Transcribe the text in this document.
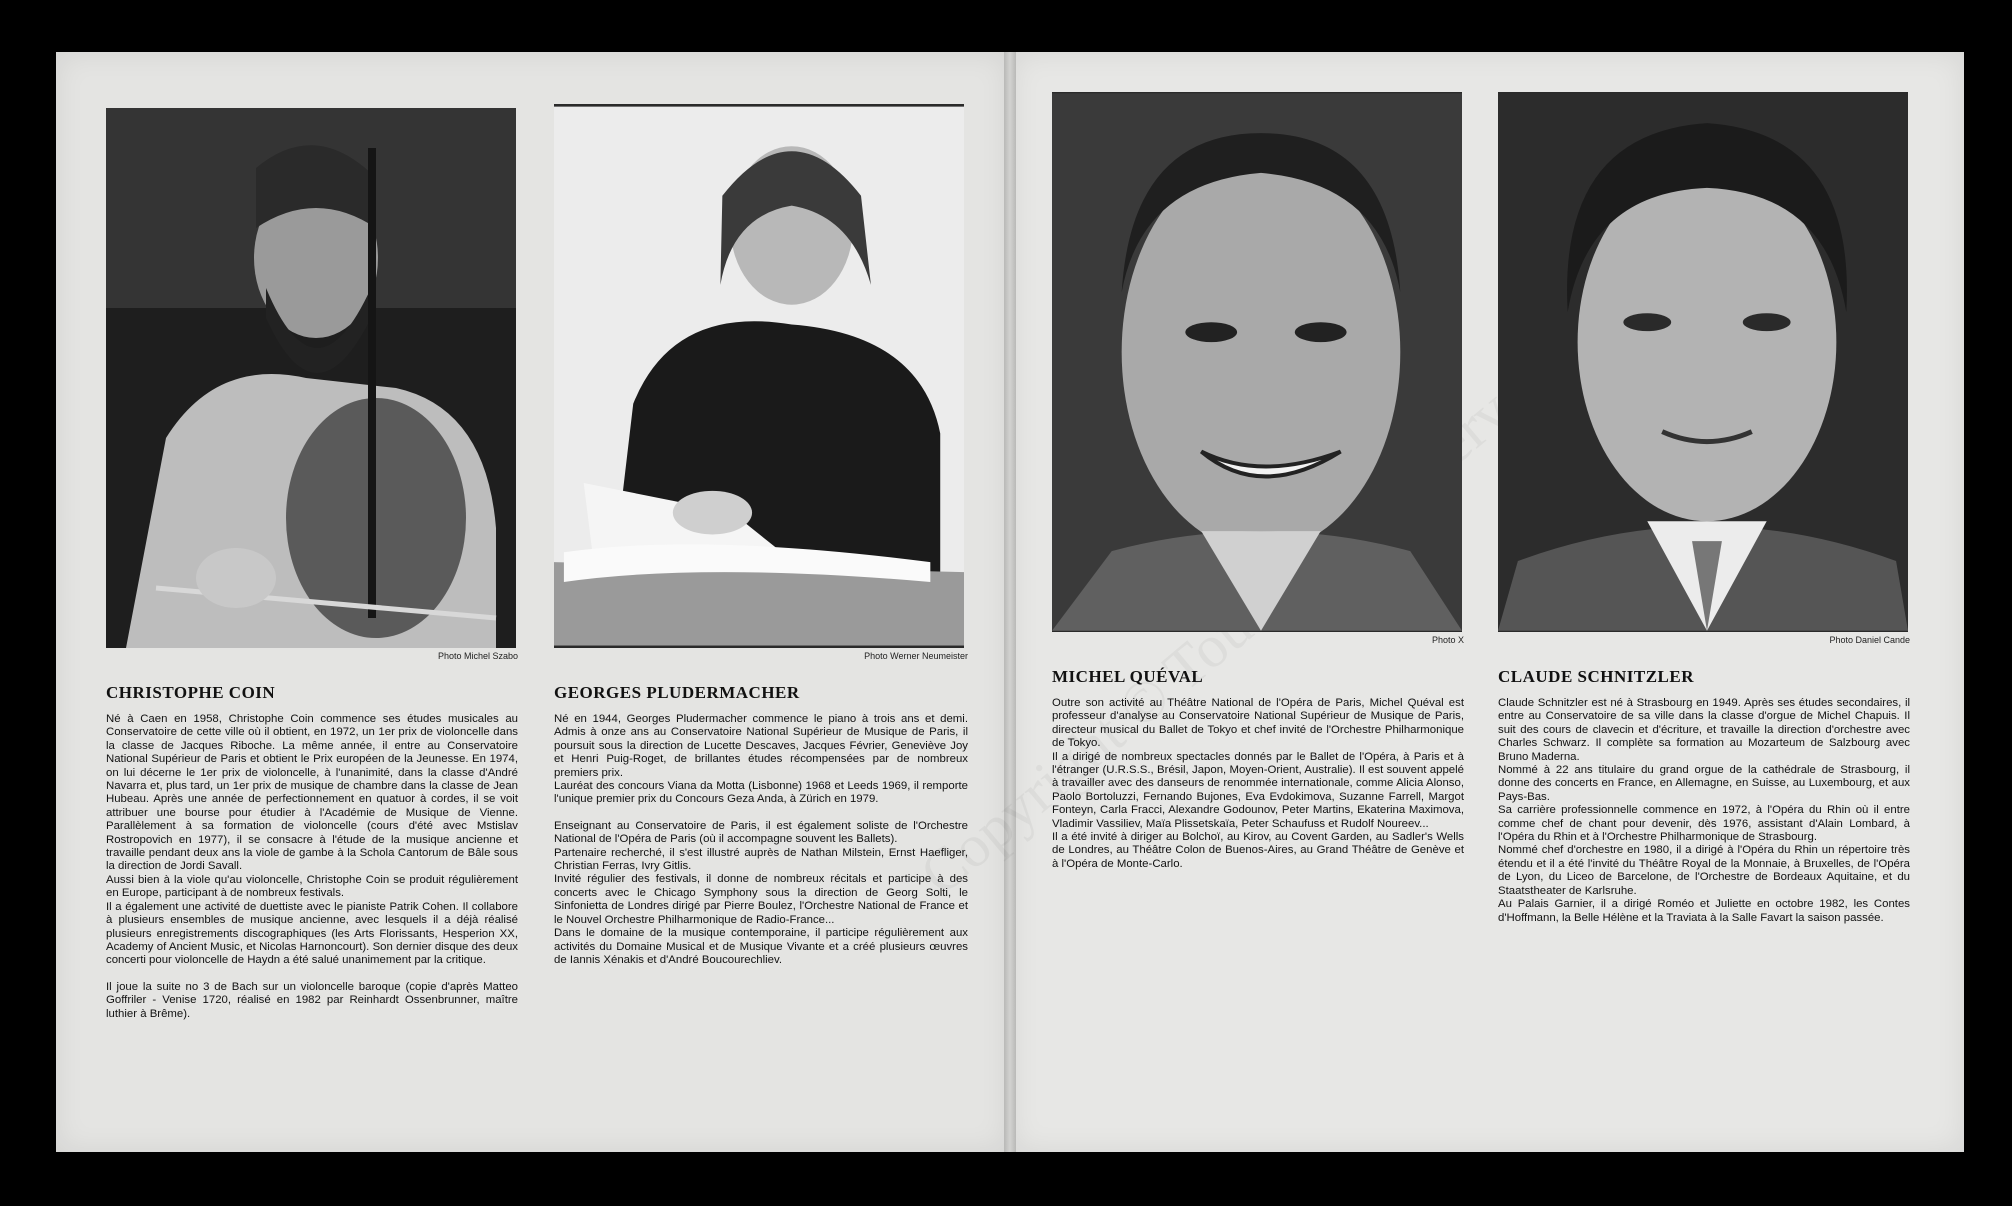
Photo Michel Szabo
CHRISTOPHE COIN

Né à Caen en 1958, Christophe Coin commence ses études musicales au Conservatoire de cette ville où il obtient, en 1972, un 1er prix de violoncelle dans la classe de Jacques Riboche. La même année, il entre au Conservatoire National Supérieur de Paris et obtient le Prix européen de la Jeunesse. En 1974, on lui décerne le 1er prix de violoncelle, à l'unanimité, dans la classe d'André Navarra et, plus tard, un 1er prix de musique de chambre dans la classe de Jean Hubeau. Après une année de perfectionnement en quatuor à cordes, il se voit attribuer une bourse pour étudier à l'Académie de Musique de Vienne. Parallèlement à sa formation de violoncelle (cours d'été avec Mstislav Rostropovich en 1977), il se consacre à l'étude de la musique ancienne et travaille pendant deux ans la viole de gambe à la Schola Cantorum de Bâle sous la direction de Jordi Savall.

Aussi bien à la viole qu'au violoncelle, Christophe Coin se produit régulièrement en Europe, participant à de nombreux festivals.

Il a également une activité de duettiste avec le pianiste Patrik Cohen. Il collabore à plusieurs ensembles de musique ancienne, avec lesquels il a déjà réalisé plusieurs enregistrements discographiques (les Arts Florissants, Hesperion XX, Academy of Ancient Music, et Nicolas Harnoncourt). Son dernier disque des deux concerti pour violoncelle de Haydn a été salué unanimement par la critique.

Il joue la suite no 3 de Bach sur un violoncelle baroque (copie d'après Matteo Goffriler - Venise 1720, réalisé en 1982 par Reinhardt Ossenbrunner, maître luthier à Brême).

Photo Werner Neumeister
GEORGES PLUDERMACHER

Né en 1944, Georges Pludermacher commence le piano à trois ans et demi. Admis à onze ans au Conservatoire National Supérieur de Musique de Paris, il poursuit sous la direction de Lucette Descaves, Jacques Février, Geneviève Joy et Henri Puig-Roget, de brillantes études récompensées par de nombreux premiers prix.

Lauréat des concours Viana da Motta (Lisbonne) 1968 et Leeds 1969, il remporte l'unique premier prix du Concours Geza Anda, à Zürich en 1979.

Enseignant au Conservatoire de Paris, il est également soliste de l'Orchestre National de l'Opéra de Paris (où il accompagne souvent les Ballets).

Partenaire recherché, il s'est illustré auprès de Nathan Milstein, Ernst Haefliger, Christian Ferras, Ivry Gitlis.

Invité régulier des festivals, il donne de nombreux récitals et participe à des concerts avec le Chicago Symphony sous la direction de Georg Solti, le Sinfonietta de Londres dirigé par Pierre Boulez, l'Orchestre National de France et le Nouvel Orchestre Philharmonique de Radio-France...

Dans le domaine de la musique contemporaine, il participe régulièrement aux activités du Domaine Musical et de Musique Vivante et a créé plusieurs œuvres de Iannis Xénakis et d'André Boucourechliev.

Photo X
MICHEL QUÉVAL

Outre son activité au Théâtre National de l'Opéra de Paris, Michel Quéval est professeur d'analyse au Conservatoire National Supérieur de Musique de Paris, directeur musical du Ballet de Tokyo et chef invité de l'Orchestre Philharmonique de Tokyo.

Il a dirigé de nombreux spectacles donnés par le Ballet de l'Opéra, à Paris et à l'étranger (U.R.S.S., Brésil, Japon, Moyen-Orient, Australie). Il est souvent appelé à travailler avec des danseurs de renommée internationale, comme Alicia Alonso, Paolo Bortoluzzi, Fernando Bujones, Eva Evdokimova, Suzanne Farrell, Margot Fonteyn, Carla Fracci, Alexandre Godounov, Peter Martins, Ekaterina Maximova, Vladimir Vassiliev, Maïa Plissetskaïa, Peter Schaufuss et Rudolf Noureev...

Il a été invité à diriger au Bolchoï, au Kirov, au Covent Garden, au Sadler's Wells de Londres, au Théâtre Colon de Buenos-Aires, au Grand Théâtre de Genève et à l'Opéra de Monte-Carlo.

Photo Daniel Cande
CLAUDE SCHNITZLER

Claude Schnitzler est né à Strasbourg en 1949. Après ses études secondaires, il entre au Conservatoire de sa ville dans la classe d'orgue de Michel Chapuis. Il suit des cours de clavecin et d'écriture, et travaille la direction d'orchestre avec Charles Schwarz. Il complète sa formation au Mozarteum de Salzbourg avec Bruno Maderna.

Nommé à 22 ans titulaire du grand orgue de la cathédrale de Strasbourg, il donne des concerts en France, en Allemagne, en Suisse, au Luxembourg, et aux Pays-Bas.

Sa carrière professionnelle commence en 1972, à l'Opéra du Rhin où il entre comme chef de chant pour devenir, dès 1976, assistant d'Alain Lombard, à l'Opéra du Rhin et à l'Orchestre Philharmonique de Strasbourg.

Nommé chef d'orchestre en 1980, il a dirigé à l'Opéra du Rhin un répertoire très étendu et il a été l'invité du Théâtre Royal de la Monnaie, à Bruxelles, de l'Opéra de Lyon, du Liceo de Barcelone, de l'Orchestre de Bordeaux Aquitaine, et du Staatstheater de Karlsruhe.

Au Palais Garnier, il a dirigé Roméo et Juliette en octobre 1982, les Contes d'Hoffmann, la Belle Hélène et la Traviata à la Salle Favart la saison passée.
